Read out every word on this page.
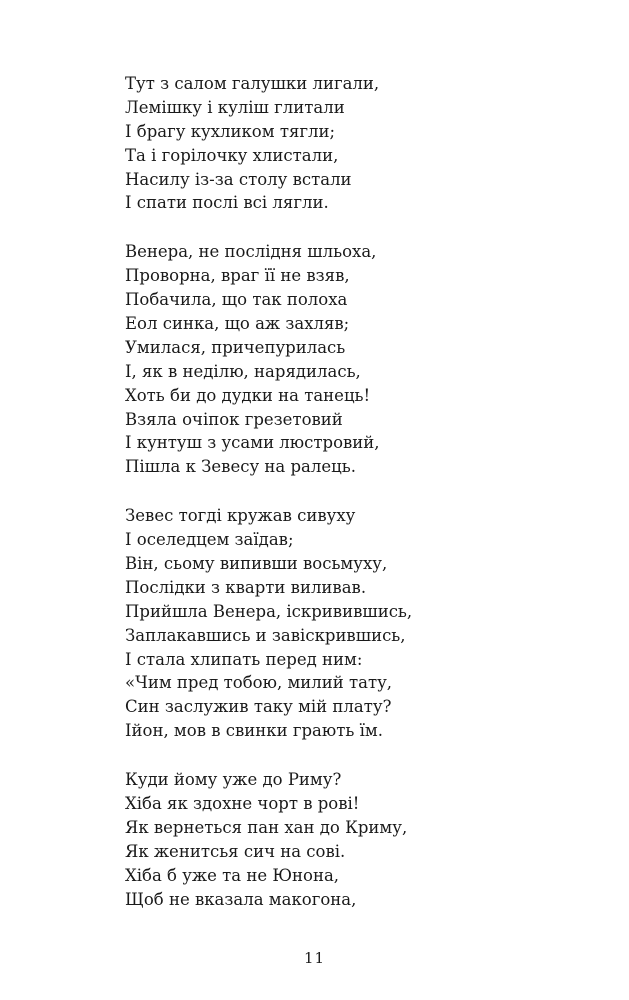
Тут з салом галушки лигали,
Лемішку і куліш глитали
І брагу кухликом тягли;
Та і горілочку хлистали,
Насилу із-за столу встали
І спати послі всі лягли.
Венера, не послідня шльоха,
Проворна, враг її не взяв,
Побачила, що так полоха
Еол синка, що аж захляв;
Умилася, причепурилась
І, як в неділю, нарядилась,
Хоть би до дудки на танець!
Взяла очіпок грезетовий
І кунтуш з усами люстровий,
Пішла к Зевесу на ралець.
Зевес тогді кружав сивуху
І оселедцем заїдав;
Він, сьому випивши восьмуху,
Послідки з кварти виливав.
Прийшла Венера, іскривившись,
Заплакавшись и завіскрившись,
І стала хлипать перед ним:
«Чим пред тобою, милий тату,
Син заслужив таку мій плату?
Ійон, мов в свинки грають їм.
Куди йому уже до Риму?
Хіба як здохне чорт в рові!
Як вернеться пан хан до Криму,
Як женитсья сич на сові.
Хіба б уже та не Юнона,
Щоб не вказала макогона,
11
